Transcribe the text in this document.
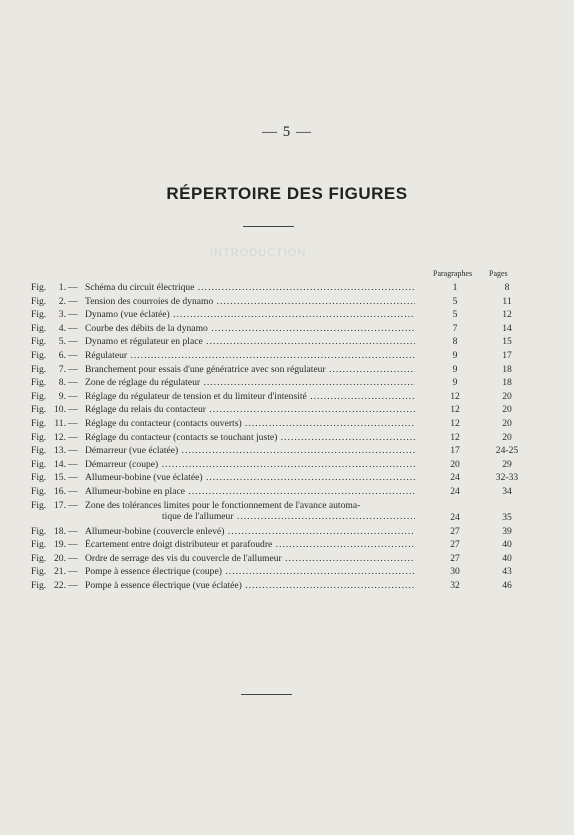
— 5 —
RÉPERTOIRE DES FIGURES
INTRODUCTION
Paragraphes Pages
Fig.	1. — Schéma du circuit électrique .....	1	8
Fig.	2. — Tension des courroies de dynamo .....	5	11
Fig.	3. — Dynamo (vue éclatée) .....	5	12
Fig.	4. — Courbe des débits de la dynamo .....	7	14
Fig.	5. — Dynamo et régulateur en place .....	8	15
Fig.	6. — Régulateur .....	9	17
Fig.	7. — Branchement pour essais d'une génératrice avec son régulateur .....	9	18
Fig.	8. — Zone de réglage du régulateur .....	9	18
Fig.	9. — Réglage du régulateur de tension et du limiteur d'intensité .....	12	20
Fig. 10. — Réglage du relais du contacteur .....	12	20
Fig. 11. — Réglage du contacteur (contacts ouverts) .....	12	20
Fig. 12. — Réglage du contacteur (contacts se touchant juste) .....	12	20
Fig. 13. — Démarreur (vue éclatée) .....	17	24-25
Fig. 14. — Démarreur (coupe) .....	20	29
Fig. 15. — Allumeur-bobine (vue éclatée) .....	24	32-33
Fig. 16. — Allumeur-bobine en place .....	24	34
Fig. 17. — Zone des tolérances limites pour le fonctionnement de l'avance automa-
tique de l'allumeur .....	24	35
Fig. 18. — Allumeur-bobine (couvercle enlevé) .....	27	39
Fig. 19. — Écartement entre doigt distributeur et parafoudre .....	27	40
Fig. 20. — Ordre de serrage des vis du couvercle de l'allumeur .....	27	40
Fig. 21. — Pompe à essence électrique (coupe) .....	30	43
Fig. 22. — Pompe à essence électrique (vue éclatée) .....	32	46
